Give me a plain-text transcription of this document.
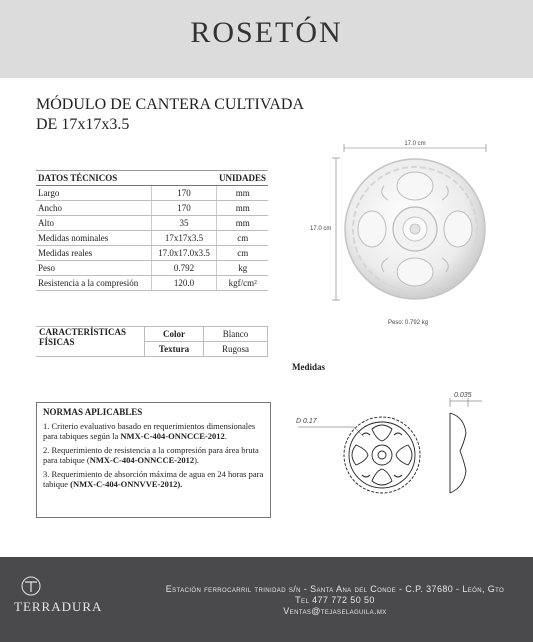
ROSETÓN
MÓDULO DE CANTERA CULTIVADA
DE 17x17x3.5
DATOS TÉCNICOS		UNIDADES
Largo	170	mm
Ancho	170	mm
Alto	35	mm
Medidas nominales	17x17x3.5	cm
Medidas reales	17.0x17.0x3.5	cm
Peso	0.792	kg
Resistencia a la compresión	120.0	kgf/cm²
CARACTERÍSTICAS FÍSICAS	Color	Blanco
	Textura	Rugosa
NORMAS APLICABLES

1. Criterio evaluativo basado en requerimientos dimensionales para tabiques según la NMX-C-404-ONNCCE-2012.

2. Requerimiento de resistencia a la compresión para área bruta para tabique (NMX-C-404-ONNCCE-2012).

3. Requerimiento de absorción máxima de agua en 24 horas para tabique (NMX-C-404-ONNVVE-2012).

17.0 cm
17.0 cm
Peso: 0.792 kg
Medidas
D 0.17
0.035
TERRADURA
Estación ferrocarril trinidad s/n - Santa Ana del Conde - C.P. 37680 - León, Gto
Tel 477 772 50 50
Ventas@tejaselaguila.mx
